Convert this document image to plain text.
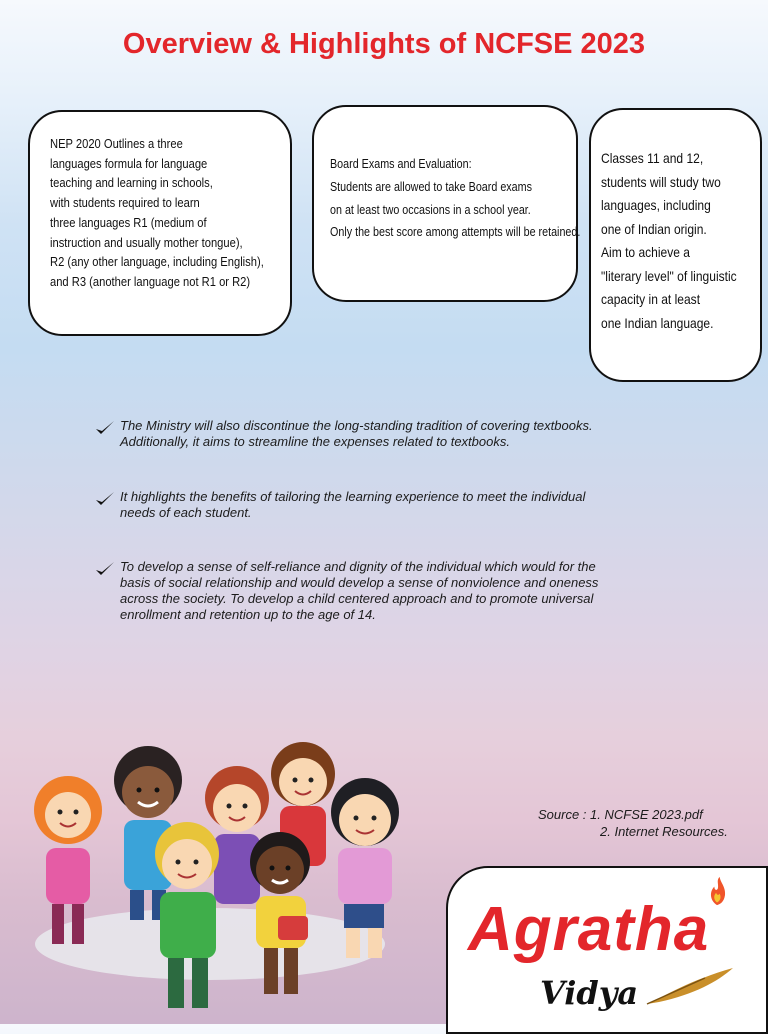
Overview & Highlights of NCFSE 2023
NEP 2020 Outlines a three
languages formula for language
teaching and learning in schools,
with students required to learn
three languages R1 (medium of
instruction and usually mother tongue),
R2 (any other language, including English),
and R3 (another language not R1 or R2)
Board Exams and Evaluation:
Students are allowed to take Board exams
on at least two occasions in a school year.
Only the best score among attempts will be retained.
Classes 11 and 12,
students will study two
languages, including
one of Indian origin.
Aim to achieve a
"literary level" of linguistic
capacity in at least
one Indian language.
The Ministry will also discontinue the long-standing tradition of covering textbooks.
Additionally, it aims to streamline the expenses related to textbooks.
It highlights the benefits of tailoring the learning experience to meet the individual
needs of each student.
To develop a sense of self-reliance and dignity of the individual which would for the
basis of social relationship and would develop a sense of nonviolence and oneness
across the society. To develop a child centered approach and to promote universal
enrollment and retention up to the age of 14.
Source : 1. NCFSE 2023.pdf
2. Internet Resources.
Agratha
Vidya
